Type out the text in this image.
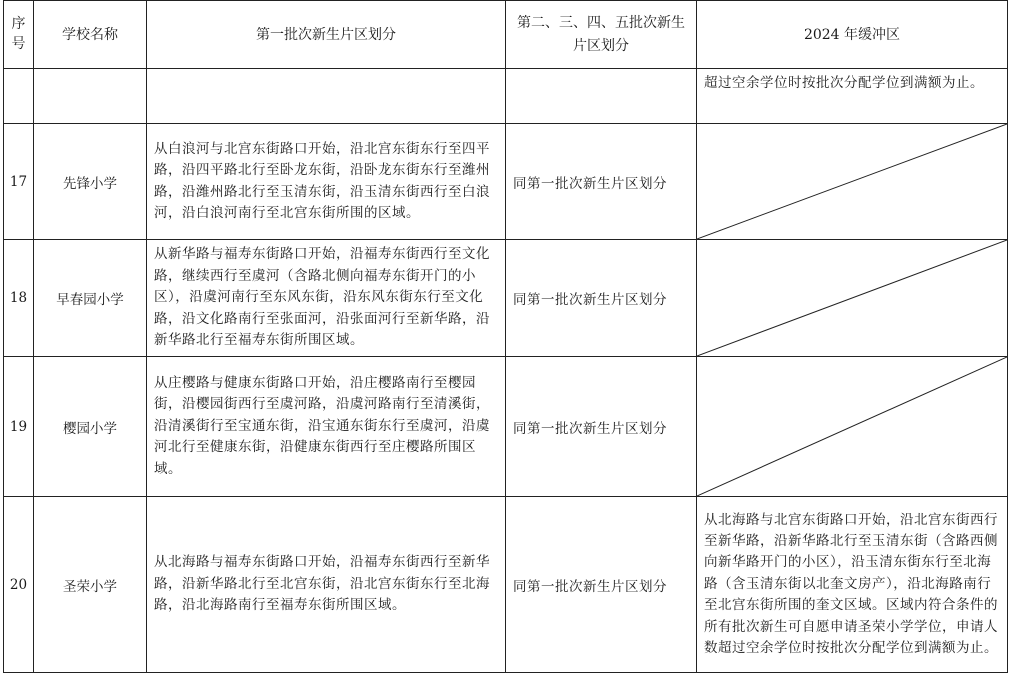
序号	学校名称	第一批次新生片区划分	第二、三、四、五批次新生片区划分	2024 年缓冲区
				超过空余学位时按批次分配学位到满额为止。
17	先锋小学	从白浪河与北宫东街路口开始，沿北宫东街东行至四平路，沿四平路北行至卧龙东街，沿卧龙东街东行至潍州路，沿潍州路北行至玉清东街，沿玉清东街西行至白浪河，沿白浪河南行至北宫东街所围的区域。	同第一批次新生片区划分	

18	早春园小学	从新华路与福寿东街路口开始，沿福寿东街西行至文化路，继续西行至虞河（含路北侧向福寿东街开门的小区），沿虞河南行至东风东街，沿东风东街东行至文化路，沿文化路南行至张面河，沿张面河行至新华路，沿新华路北行至福寿东街所围区域。	同第一批次新生片区划分	

19	樱园小学	从庄樱路与健康东街路口开始，沿庄樱路南行至樱园街，沿樱园街西行至虞河路，沿虞河路南行至清溪街，沿清溪街行至宝通东街，沿宝通东街东行至虞河，沿虞河北行至健康东街，沿健康东街西行至庄樱路所围区域。	同第一批次新生片区划分	

20	圣荣小学	从北海路与福寿东街路口开始，沿福寿东街西行至新华路，沿新华路北行至北宫东街，沿北宫东街东行至北海路，沿北海路南行至福寿东街所围区域。	同第一批次新生片区划分	从北海路与北宫东街路口开始，沿北宫东街西行至新华路，沿新华路北行至玉清东街（含路西侧向新华路开门的小区），沿玉清东街东行至北海路（含玉清东街以北奎文房产），沿北海路南行至北宫东街所围的奎文区域。区域内符合条件的所有批次新生可自愿申请圣荣小学学位，申请人数超过空余学位时按批次分配学位到满额为止。
